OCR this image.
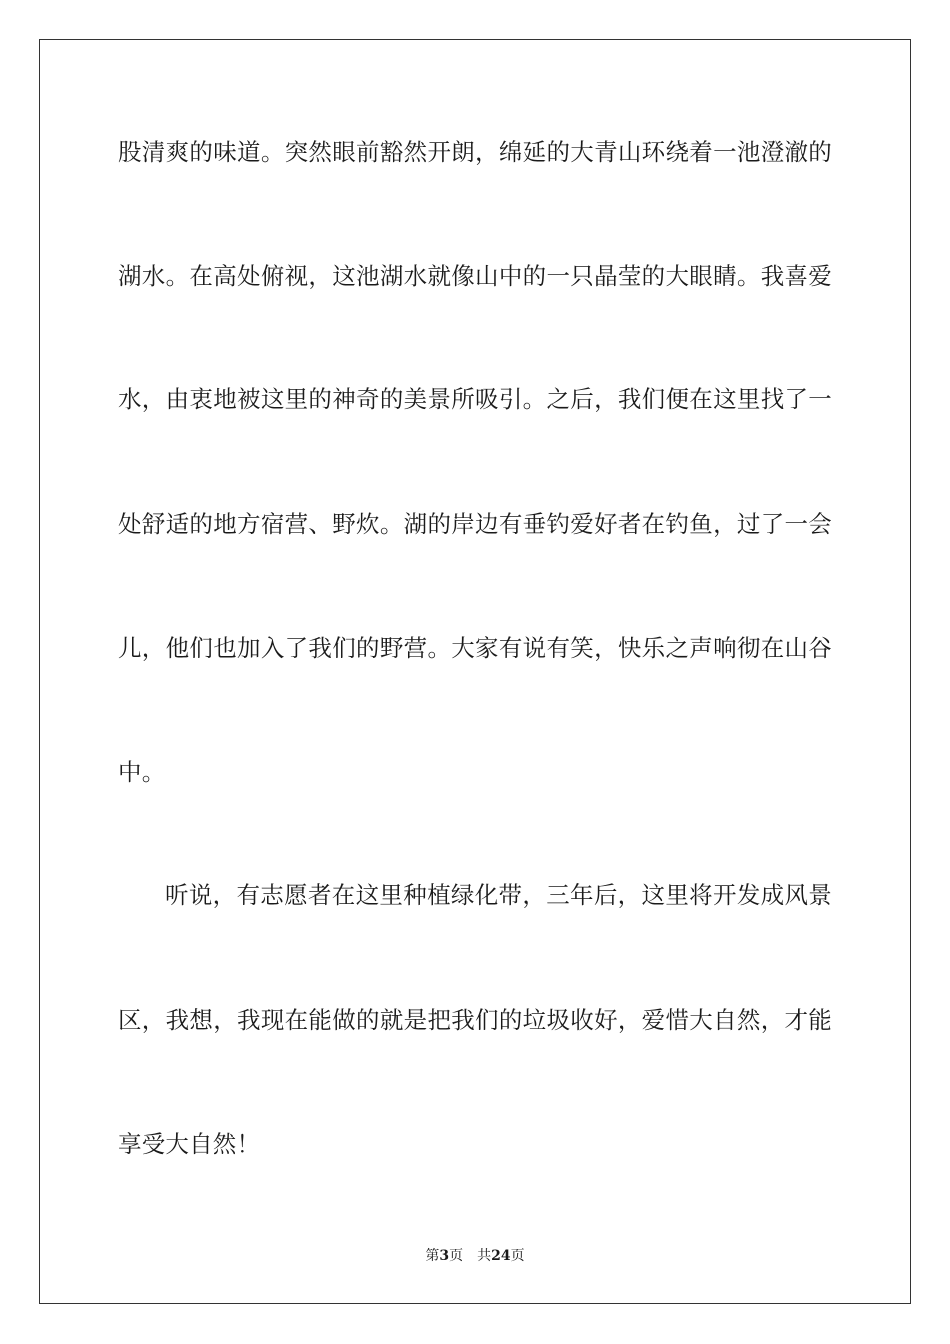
股清爽的味道。突然眼前豁然开朗，绵延的大青山环绕着一池澄澈的
湖水。在高处俯视，这池湖水就像山中的一只晶莹的大眼睛。我喜爱
水，由衷地被这里的神奇的美景所吸引。之后，我们便在这里找了一
处舒适的地方宿营、野炊。湖的岸边有垂钓爱好者在钓鱼，过了一会
儿，他们也加入了我们的野营。大家有说有笑，快乐之声响彻在山谷
中。
听说，有志愿者在这里种植绿化带，三年后，这里将开发成风景
区，我想，我现在能做的就是把我们的垃圾收好，爱惜大自然，才能
享受大自然！
第3页 共24页
